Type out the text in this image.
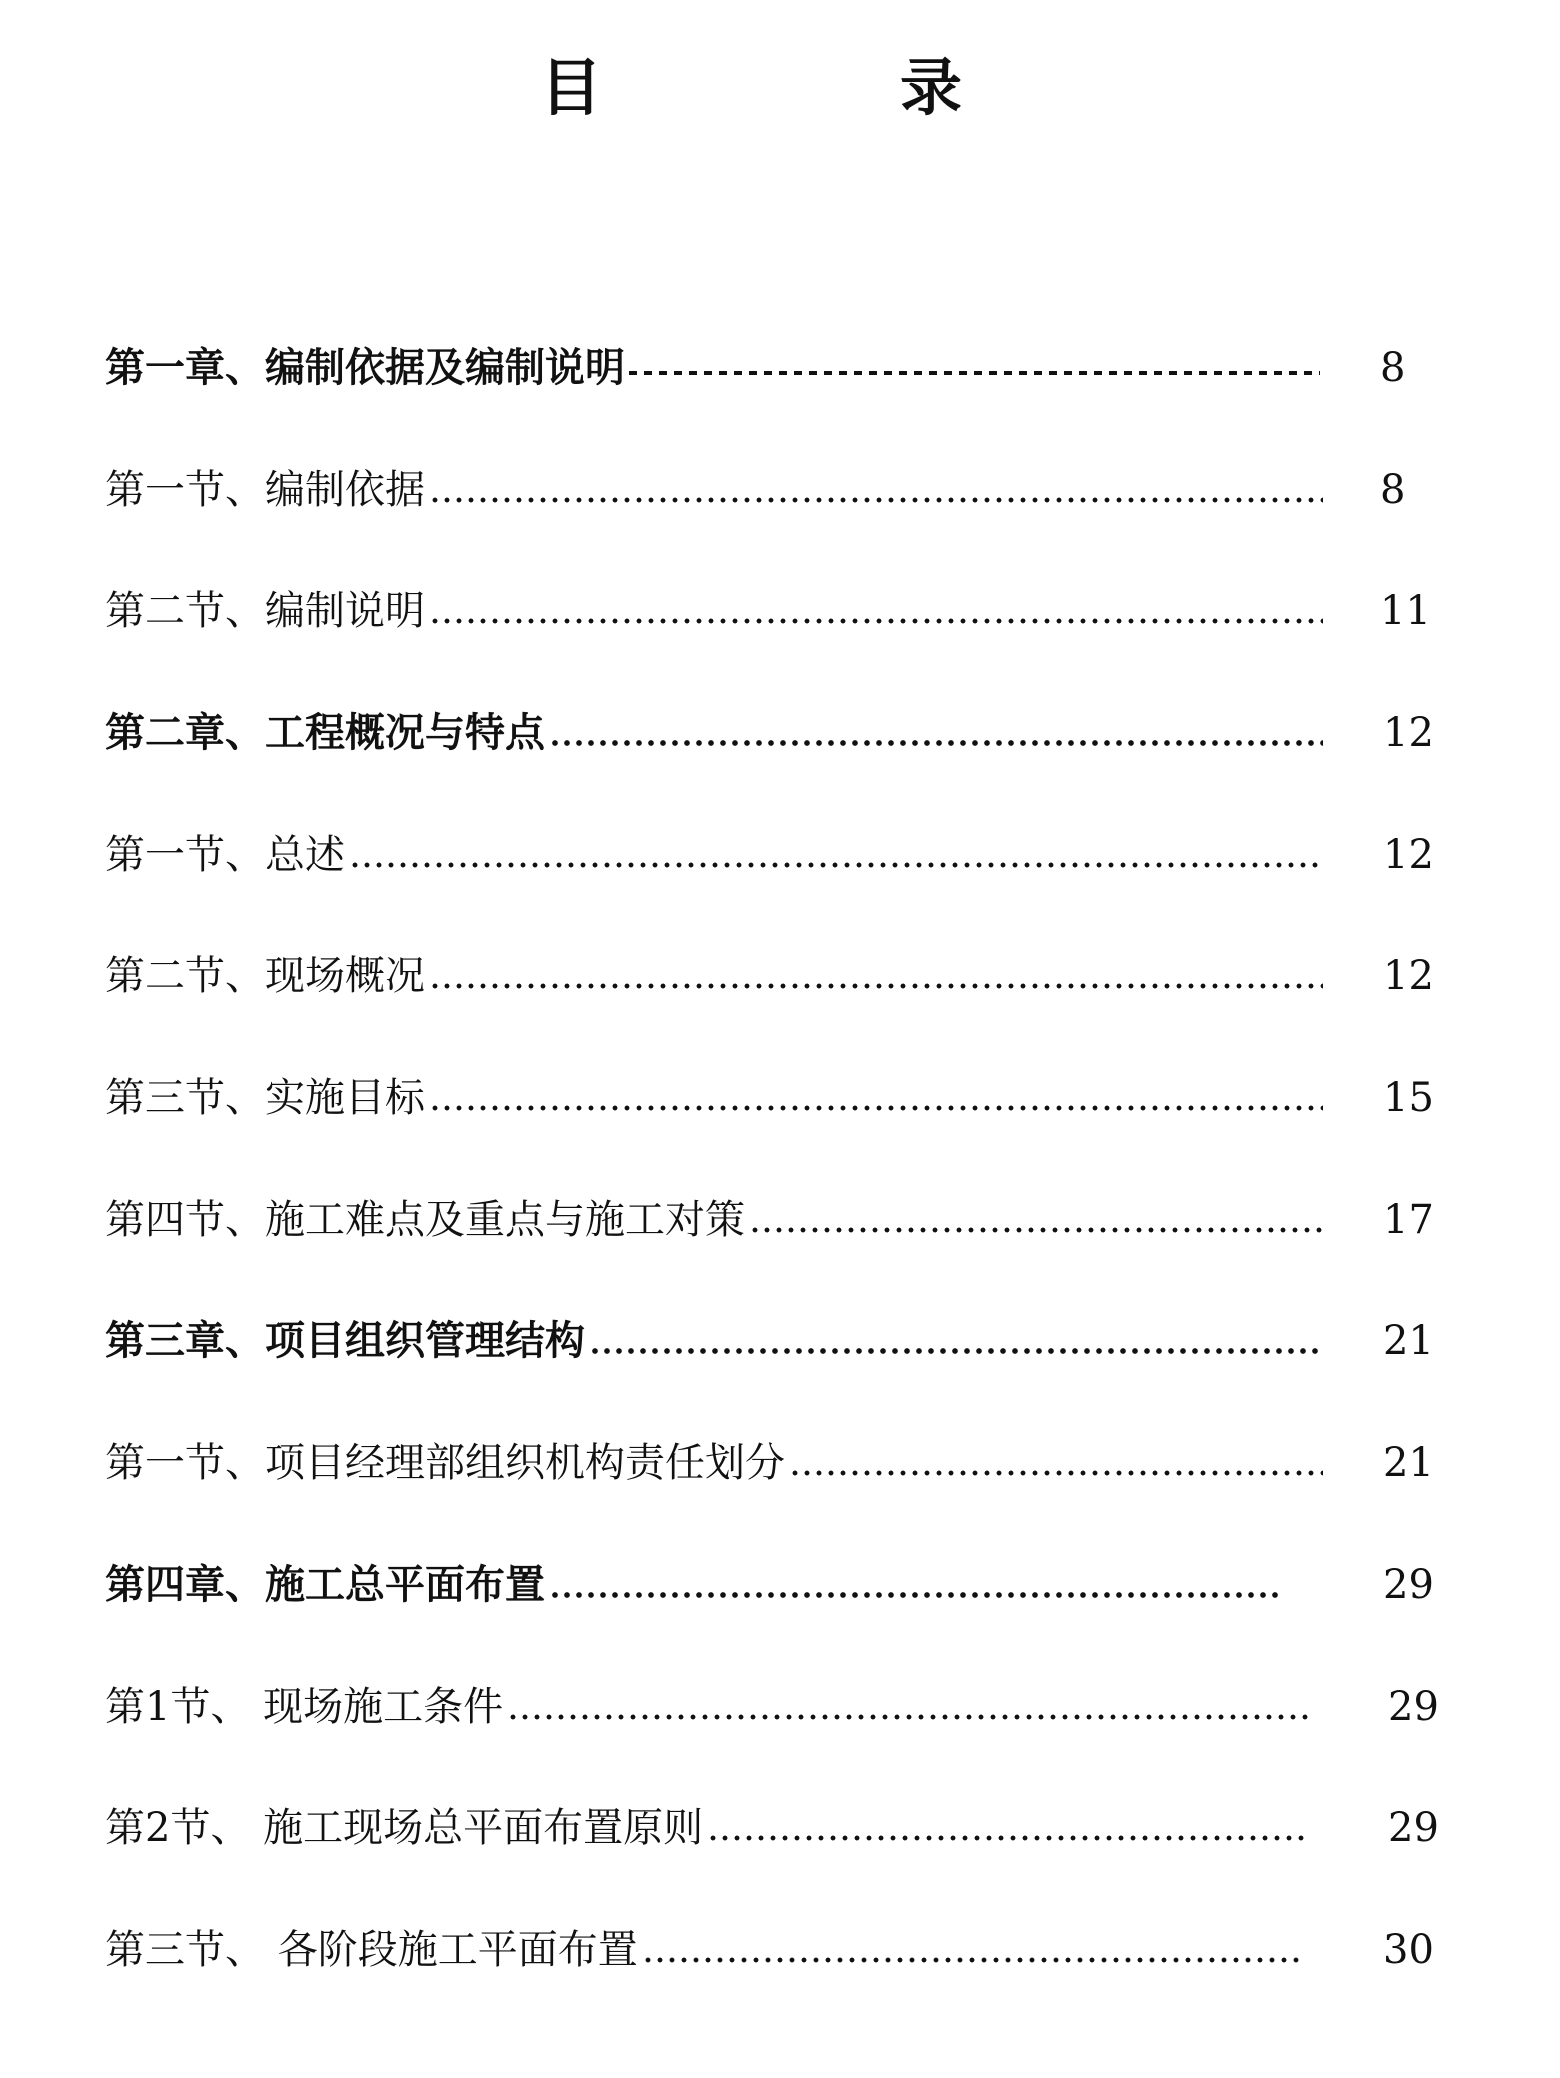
目	录
第一章、编制依据及编制说明	8
第一节、编制依据	8
第二节、编制说明	11
第二章、工程概况与特点	12
第一节、总述	12
第二节、现场概况	12
第三节、实施目标	15
第四节、施工难点及重点与施工对策	17
第三章、项目组织管理结构	21
第一节、项目经理部组织机构责任划分	21
第四章、施工总平面布置	29
第1节、 现场施工条件	29
第2节、 施工现场总平面布置原则	29
第三节、 各阶段施工平面布置	30
